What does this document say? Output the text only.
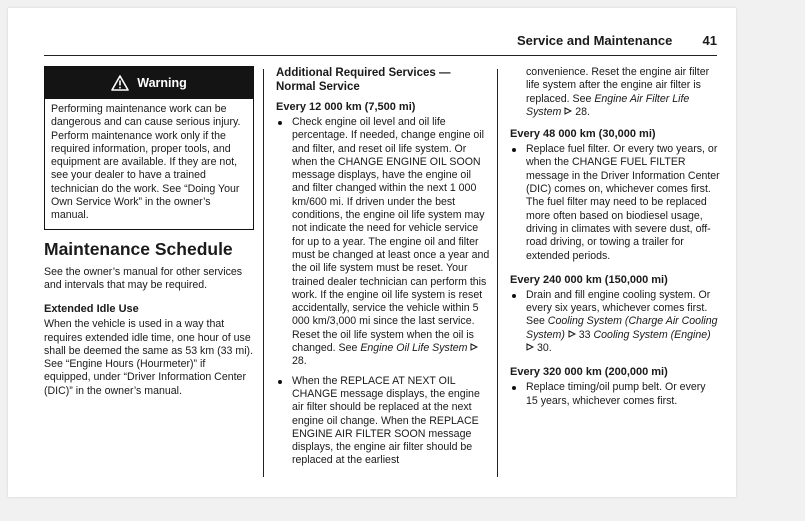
Service and Maintenance 41
Warning

Performing maintenance work can be dangerous and can cause serious injury. Perform maintenance work only if the required information, proper tools, and equipment are available. If they are not, see your dealer to have a trained technician do the work. See “Doing Your Own Service Work” in the owner’s manual.

Maintenance Schedule

See the owner’s manual for other services and intervals that may be required.

Extended Idle Use

When the vehicle is used in a way that requires extended idle time, one hour of use shall be deemed the same as 53 km (33 mi). See “Engine Hours (Hourmeter)” if equipped, under “Driver Information Center (DIC)” in the owner’s manual.

Additional Required Services —
Normal Service
Every 12 000 km (7,500 mi)
Check engine oil level and oil life percentage. If needed, change engine oil and filter, and reset oil life system. Or when the CHANGE ENGINE OIL SOON message displays, have the engine oil and filter changed within the next 1 000 km/600 mi. If driven under the best conditions, the engine oil life system may not indicate the need for vehicle service for up to a year. The engine oil and filter must be changed at least once a year and the oil life system must be reset. Your trained dealer technician can perform this work. If the engine oil life system is reset accidentally, service the vehicle within 5 000 km/3,000 mi since the last service. Reset the oil life system when the oil is changed. See Engine Oil Life System  28.
When the REPLACE AT NEXT OIL CHANGE message displays, the engine air filter should be replaced at the next engine oil change. When the REPLACE ENGINE AIR FILTER SOON message displays, the engine air filter should be replaced at the earliest

convenience. Reset the engine air filter life system after the engine air filter is replaced. See Engine Air Filter Life System 28.

Every 48 000 km (30,000 mi)
Replace fuel filter. Or every two years, or when the CHANGE FUEL FILTER message in the Driver Information Center (DIC) comes on, whichever comes first. The fuel filter may need to be replaced more often based on biodiesel usage, driving in climates with severe dust, off-road driving, or towing a trailer for extended periods.
Every 240 000 km (150,000 mi)
Drain and fill engine cooling system. Or every six years, whichever comes first. See Cooling System (Charge Air Cooling System) 33 Cooling System (Engine)  30.
Every 320 000 km (200,000 mi)
Replace timing/oil pump belt. Or every 15 years, whichever comes first.
